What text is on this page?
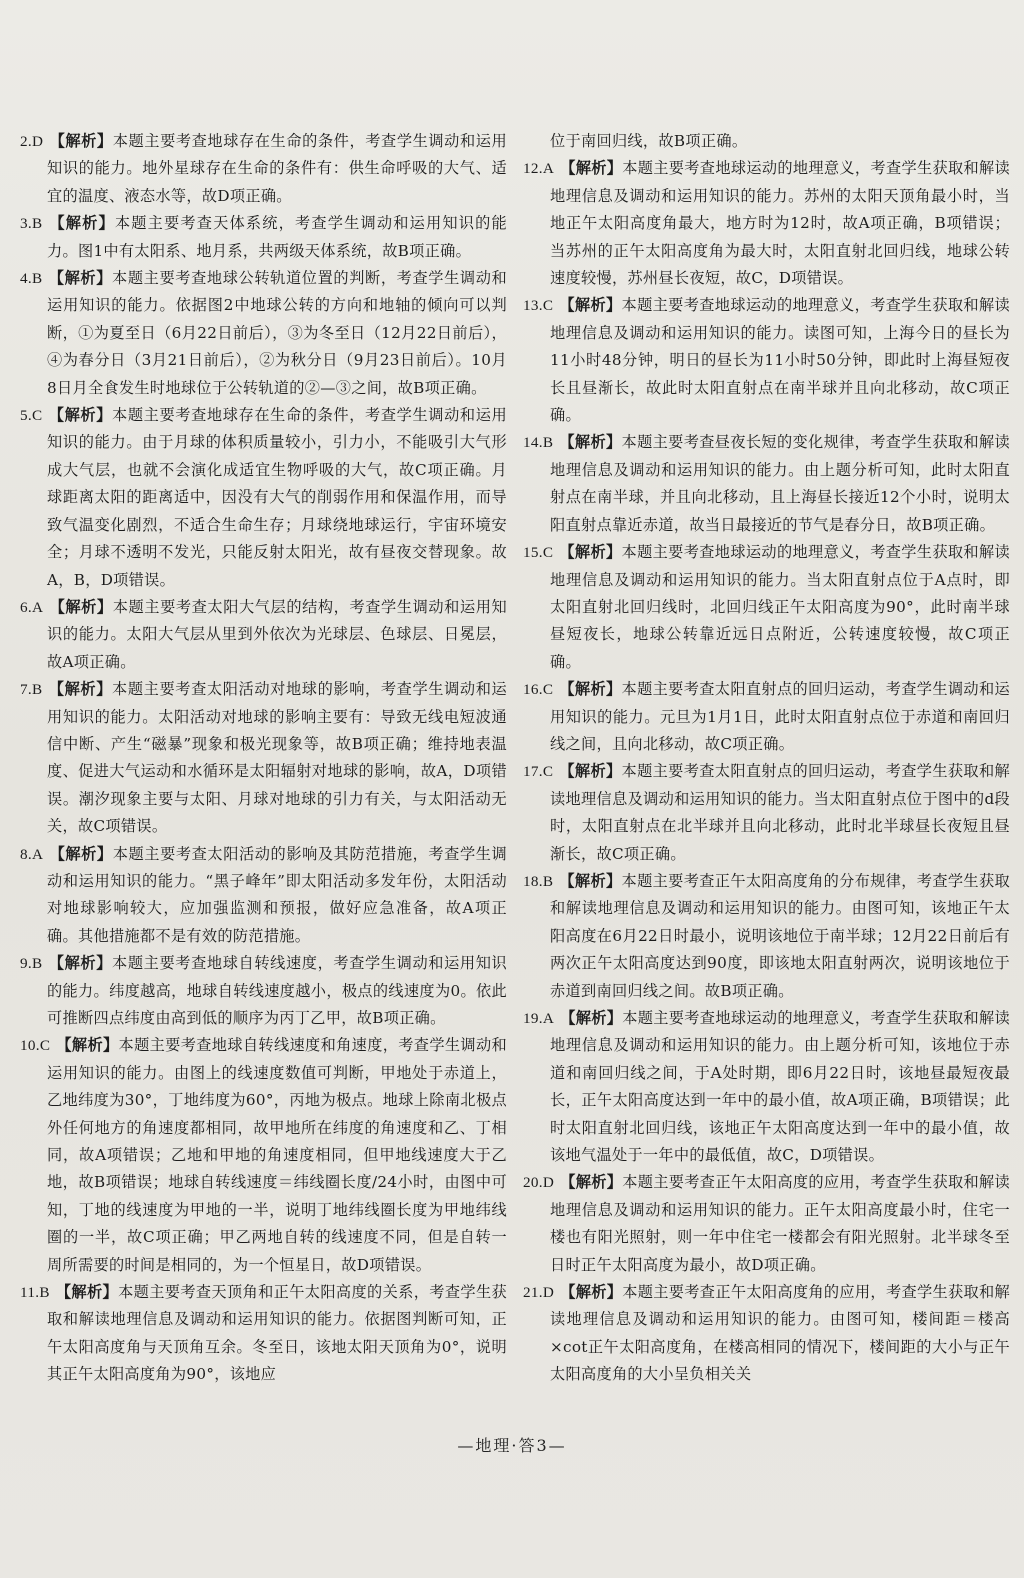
2.D 【解析】本题主要考查地球存在生命的条件，考查学生调动和运用知识的能力。地外星球存在生命的条件有：供生命呼吸的大气、适宜的温度、液态水等，故D项正确。

3.B 【解析】本题主要考查天体系统，考查学生调动和运用知识的能力。图1中有太阳系、地月系，共两级天体系统，故B项正确。

4.B 【解析】本题主要考查地球公转轨道位置的判断，考查学生调动和运用知识的能力。依据图2中地球公转的方向和地轴的倾向可以判断，①为夏至日（6月22日前后），③为冬至日（12月22日前后），④为春分日（3月21日前后），②为秋分日（9月23日前后）。10月8日月全食发生时地球位于公转轨道的②—③之间，故B项正确。

5.C 【解析】本题主要考查地球存在生命的条件，考查学生调动和运用知识的能力。由于月球的体积质量较小，引力小，不能吸引大气形成大气层，也就不会演化成适宜生物呼吸的大气，故C项正确。月球距离太阳的距离适中，因没有大气的削弱作用和保温作用，而导致气温变化剧烈，不适合生命生存；月球绕地球运行，宇宙环境安全；月球不透明不发光，只能反射太阳光，故有昼夜交替现象。故A，B，D项错误。

6.A 【解析】本题主要考查太阳大气层的结构，考查学生调动和运用知识的能力。太阳大气层从里到外依次为光球层、色球层、日冕层，故A项正确。

7.B 【解析】本题主要考查太阳活动对地球的影响，考查学生调动和运用知识的能力。太阳活动对地球的影响主要有：导致无线电短波通信中断、产生“磁暴”现象和极光现象等，故B项正确；维持地表温度、促进大气运动和水循环是太阳辐射对地球的影响，故A，D项错误。潮汐现象主要与太阳、月球对地球的引力有关，与太阳活动无关，故C项错误。

8.A 【解析】本题主要考查太阳活动的影响及其防范措施，考查学生调动和运用知识的能力。“黑子峰年”即太阳活动多发年份，太阳活动对地球影响较大，应加强监测和预报，做好应急准备，故A项正确。其他措施都不是有效的防范措施。

9.B 【解析】本题主要考查地球自转线速度，考查学生调动和运用知识的能力。纬度越高，地球自转线速度越小，极点的线速度为0。依此可推断四点纬度由高到低的顺序为丙丁乙甲，故B项正确。

10.C 【解析】本题主要考查地球自转线速度和角速度，考查学生调动和运用知识的能力。由图上的线速度数值可判断，甲地处于赤道上，乙地纬度为30°，丁地纬度为60°，丙地为极点。地球上除南北极点外任何地方的角速度都相同，故甲地所在纬度的角速度和乙、丁相同，故A项错误；乙地和甲地的角速度相同，但甲地线速度大于乙地，故B项错误；地球自转线速度＝纬线圈长度/24小时，由图中可知，丁地的线速度为甲地的一半，说明丁地纬线圈长度为甲地纬线圈的一半，故C项正确；甲乙两地自转的线速度不同，但是自转一周所需要的时间是相同的，为一个恒星日，故D项错误。

11.B 【解析】本题主要考查天顶角和正午太阳高度的关系，考查学生获取和解读地理信息及调动和运用知识的能力。依据图判断可知，正午太阳高度角与天顶角互余。冬至日，该地太阳天顶角为0°，说明其正午太阳高度角为90°，该地应

位于南回归线，故B项正确。

12.A 【解析】本题主要考查地球运动的地理意义，考查学生获取和解读地理信息及调动和运用知识的能力。苏州的太阳天顶角最小时，当地正午太阳高度角最大，地方时为12时，故A项正确，B项错误；当苏州的正午太阳高度角为最大时，太阳直射北回归线，地球公转速度较慢，苏州昼长夜短，故C，D项错误。

13.C 【解析】本题主要考查地球运动的地理意义，考查学生获取和解读地理信息及调动和运用知识的能力。读图可知，上海今日的昼长为11小时48分钟，明日的昼长为11小时50分钟，即此时上海昼短夜长且昼渐长，故此时太阳直射点在南半球并且向北移动，故C项正确。

14.B 【解析】本题主要考查昼夜长短的变化规律，考查学生获取和解读地理信息及调动和运用知识的能力。由上题分析可知，此时太阳直射点在南半球，并且向北移动，且上海昼长接近12个小时，说明太阳直射点靠近赤道，故当日最接近的节气是春分日，故B项正确。

15.C 【解析】本题主要考查地球运动的地理意义，考查学生获取和解读地理信息及调动和运用知识的能力。当太阳直射点位于A点时，即太阳直射北回归线时，北回归线正午太阳高度为90°，此时南半球昼短夜长，地球公转靠近远日点附近，公转速度较慢，故C项正确。

16.C 【解析】本题主要考查太阳直射点的回归运动，考查学生调动和运用知识的能力。元旦为1月1日，此时太阳直射点位于赤道和南回归线之间，且向北移动，故C项正确。

17.C 【解析】本题主要考查太阳直射点的回归运动，考查学生获取和解读地理信息及调动和运用知识的能力。当太阳直射点位于图中的d段时，太阳直射点在北半球并且向北移动，此时北半球昼长夜短且昼渐长，故C项正确。

18.B 【解析】本题主要考查正午太阳高度角的分布规律，考查学生获取和解读地理信息及调动和运用知识的能力。由图可知，该地正午太阳高度在6月22日时最小，说明该地位于南半球；12月22日前后有两次正午太阳高度达到90度，即该地太阳直射两次，说明该地位于赤道到南回归线之间。故B项正确。

19.A 【解析】本题主要考查地球运动的地理意义，考查学生获取和解读地理信息及调动和运用知识的能力。由上题分析可知，该地位于赤道和南回归线之间，于A处时期，即6月22日时，该地昼最短夜最长，正午太阳高度达到一年中的最小值，故A项正确，B项错误；此时太阳直射北回归线，该地正午太阳高度达到一年中的最小值，故该地气温处于一年中的最低值，故C，D项错误。

20.D 【解析】本题主要考查正午太阳高度的应用，考查学生获取和解读地理信息及调动和运用知识的能力。正午太阳高度最小时，住宅一楼也有阳光照射，则一年中住宅一楼都会有阳光照射。北半球冬至日时正午太阳高度为最小，故D项正确。

21.D 【解析】本题主要考查正午太阳高度角的应用，考查学生获取和解读地理信息及调动和运用知识的能力。由图可知，楼间距＝楼高×cot正午太阳高度角，在楼高相同的情况下，楼间距的大小与正午太阳高度角的大小呈负相关关

—地理·答3—
